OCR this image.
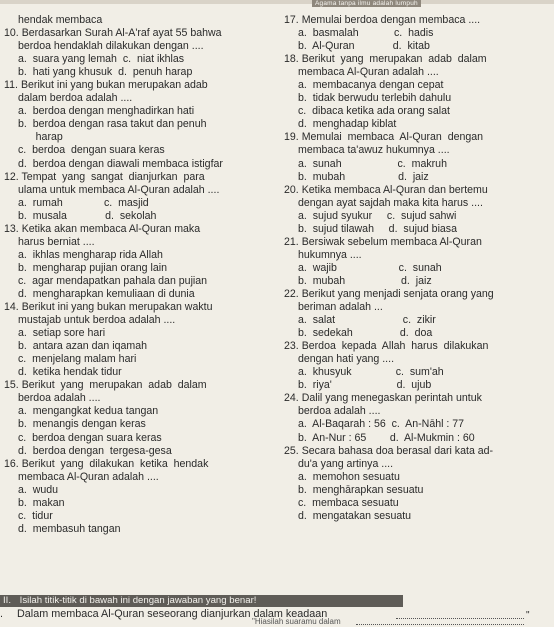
Agama tanpa ilmu adalah lumpuh
hendak membaca
10. Berdasarkan Surah Al-A'raf ayat 55 bahwa
berdoa hendaklah dilakukan dengan ....
a.  suara yang lemah  c.  niat ikhlas
b.  hati yang khusuk  d.  penuh harap
11. Berikut ini yang bukan merupakan adab
dalam berdoa adalah ....
a.  berdoa dengan menghadirkan hati
b.  berdoa dengan rasa takut dan penuh
harap
c.  berdoa  dengan suara keras
d.  berdoa dengan diawali membaca istigfar
12. Tempat  yang  sangat  dianjurkan  para
ulama untuk membaca Al-Quran adalah ....
a.  rumah              c.  masjid
b.  musala             d.  sekolah
13. Ketika akan membaca Al-Quran maka
harus berniat ....
a.  ikhlas mengharap rida Allah
b.  mengharap pujian orang lain
c.  agar mendapatkan pahala dan pujian
d.  mengharapkan kemuliaan di dunia
14. Berikut ini yang bukan merupakan waktu
mustajab untuk berdoa adalah ....
a.  setiap sore hari
b.  antara azan dan iqamah
c.  menjelang malam hari
d.  ketika hendak tidur
15. Berikut  yang  merupakan  adab  dalam
berdoa adalah ....
a.  mengangkat kedua tangan
b.  menangis dengan keras
c.  berdoa dengan suara keras
d.  berdoa dengan  tergesa-gesa
16. Berikut  yang  dilakukan  ketika  hendak
membaca Al-Quran adalah ....
a.  wudu
b.  makan
c.  tidur
d.  membasuh tangan
17. Memulai berdoa dengan membaca ....
a.  basmalah            c.  hadis
b.  Al-Quran             d.  kitab
18. Berikut  yang  merupakan  adab  dalam
membaca Al-Quran adalah ....
a.  membacanya dengan cepat
b.  tidak berwudu terlebih dahulu
c.  dibaca ketika ada orang salat
d.  menghadap kiblat
19. Memulai  membaca  Al-Quran  dengan
membaca ta'awuz hukumnya ....
a.  sunah                   c.  makruh
b.  mubah                  d.  jaiz
20. Ketika membaca Al-Quran dan bertemu
dengan ayat sajdah maka kita harus ....
a.  sujud syukur     c.  sujud sahwi
b.  sujud tilawah     d.  sujud biasa
21. Bersiwak sebelum membaca Al-Quran
hukumnya ....
a.  wajib                     c.  sunah
b.  mubah                   d.  jaiz
22. Berikut yang menjadi senjata orang yang
beriman adalah ...
a.  salat                       c.  zikir
b.  sedekah                d.  doa
23. Berdoa  kepada  Allah  harus  dilakukan
dengan hati yang ....
a.  khusyuk               c.  sum'ah
b.  riya'                      d.  ujub
24. Dalil yang menegaskan perintah untuk
berdoa adalah ....
a.  Al-Baqarah : 56  c.  An-Nāhl : 77
b.  An-Nur : 65        d.  Al-Mukmin : 60
25. Secara bahasa doa berasal dari kata ad-
du'a yang artinya ....
a.  memohon sesuatu
b.  menghārapkan sesuatu
c.  membaca sesuatu
d.  mengatakan sesuatu
II. Isilah titik-titik di bawah ini dengan jawaban yang benar!
. Dalam membaca Al-Quran seseorang dianjurkan dalam keadaan	"
"Hiasilah suaramu dalam
